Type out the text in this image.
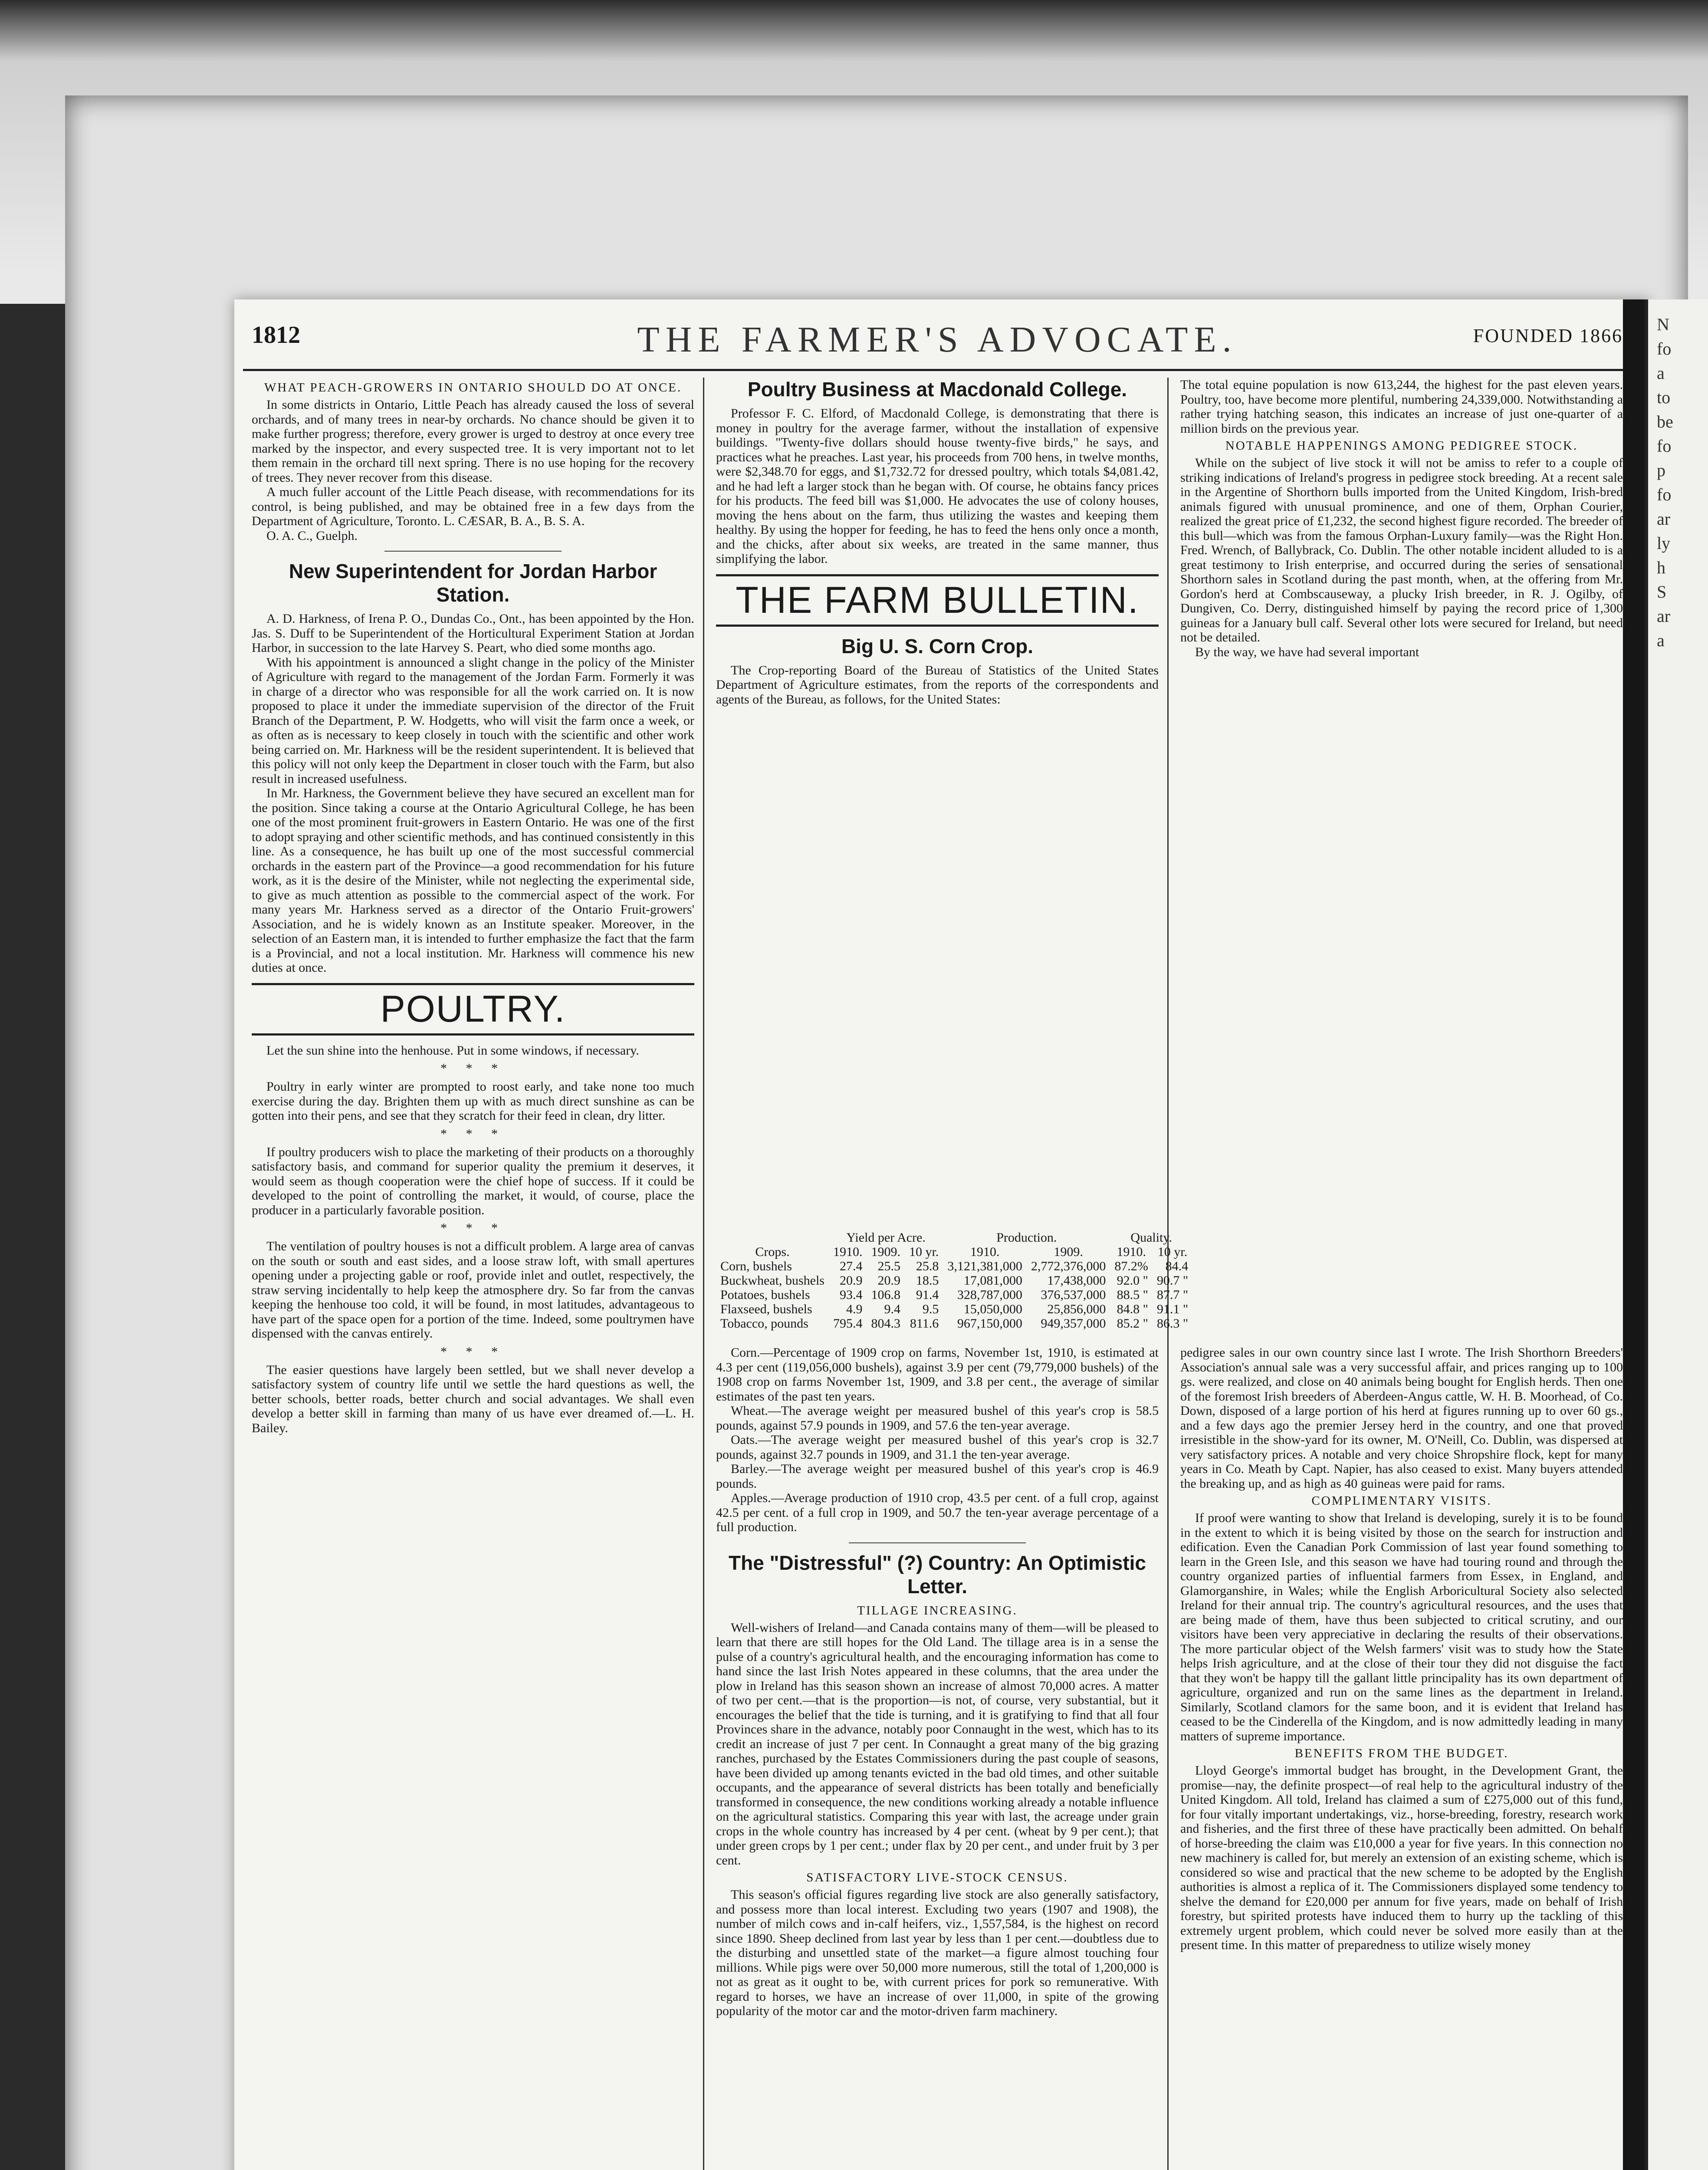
1812	THE FARMER'S ADVOCATE.	FOUNDED 1866
WHAT PEACH-GROWERS IN ONTARIO SHOULD DO AT ONCE.

In some districts in Ontario, Little Peach has already caused the loss of several orchards, and of many trees in near-by orchards. No chance should be given it to make further progress; therefore, every grower is urged to destroy at once every tree marked by the inspector, and every suspected tree. It is very important not to let them remain in the orchard till next spring. There is no use hoping for the recovery of trees. They never recover from this disease.

A much fuller account of the Little Peach disease, with recommendations for its control, is being published, and may be obtained free in a few days from the Department of Agriculture, Toronto. L. CÆSAR, B. A., B. S. A.

O. A. C., Guelph.

New Superintendent for Jordan Harbor Station.

A. D. Harkness, of Irena P. O., Dundas Co., Ont., has been appointed by the Hon. Jas. S. Duff to be Superintendent of the Horticultural Experiment Station at Jordan Harbor, in succession to the late Harvey S. Peart, who died some months ago.

With his appointment is announced a slight change in the policy of the Minister of Agriculture with regard to the management of the Jordan Farm. Formerly it was in charge of a director who was responsible for all the work carried on. It is now proposed to place it under the immediate supervision of the director of the Fruit Branch of the Department, P. W. Hodgetts, who will visit the farm once a week, or as often as is necessary to keep closely in touch with the scientific and other work being carried on. Mr. Harkness will be the resident superintendent. It is believed that this policy will not only keep the Department in closer touch with the Farm, but also result in increased usefulness.

In Mr. Harkness, the Government believe they have secured an excellent man for the position. Since taking a course at the Ontario Agricultural College, he has been one of the most prominent fruit-growers in Eastern Ontario. He was one of the first to adopt spraying and other scientific methods, and has continued consistently in this line. As a consequence, he has built up one of the most successful commercial orchards in the eastern part of the Province—a good recommendation for his future work, as it is the desire of the Minister, while not neglecting the experimental side, to give as much attention as possible to the commercial aspect of the work. For many years Mr. Harkness served as a director of the Ontario Fruit-growers' Association, and he is widely known as an Institute speaker. Moreover, in the selection of an Eastern man, it is intended to further emphasize the fact that the farm is a Provincial, and not a local institution. Mr. Harkness will commence his new duties at once.

POULTRY.

Let the sun shine into the henhouse. Put in some windows, if necessary.

* * *

Poultry in early winter are prompted to roost early, and take none too much exercise during the day. Brighten them up with as much direct sunshine as can be gotten into their pens, and see that they scratch for their feed in clean, dry litter.

* * *

If poultry producers wish to place the marketing of their products on a thoroughly satisfactory basis, and command for superior quality the premium it deserves, it would seem as though cooperation were the chief hope of success. If it could be developed to the point of controlling the market, it would, of course, place the producer in a particularly favorable position.

* * *

The ventilation of poultry houses is not a difficult problem. A large area of canvas on the south or south and east sides, and a loose straw loft, with small apertures opening under a projecting gable or roof, provide inlet and outlet, respectively, the straw serving incidentally to help keep the atmosphere dry. So far from the canvas keeping the henhouse too cold, it will be found, in most latitudes, advantageous to have part of the space open for a portion of the time. Indeed, some poultrymen have dispensed with the canvas entirely.

* * *

The easier questions have largely been settled, but we shall never develop a satisfactory system of country life until we settle the hard questions as well, the better schools, better roads, better church and social advantages. We shall even develop a better skill in farming than many of us have ever dreamed of.—L. H. Bailey.

Poultry Business at Macdonald College.

Professor F. C. Elford, of Macdonald College, is demonstrating that there is money in poultry for the average farmer, without the installation of expensive buildings. "Twenty-five dollars should house twenty-five birds," he says, and practices what he preaches. Last year, his proceeds from 700 hens, in twelve months, were $2,348.70 for eggs, and $1,732.72 for dressed poultry, which totals $4,081.42, and he had left a larger stock than he began with. Of course, he obtains fancy prices for his products. The feed bill was $1,000. He advocates the use of colony houses, moving the hens about on the farm, thus utilizing the wastes and keeping them healthy. By using the hopper for feeding, he has to feed the hens only once a month, and the chicks, after about six weeks, are treated in the same manner, thus simplifying the labor.

THE FARM BULLETIN.
Big U. S. Corn Crop.

The Crop-reporting Board of the Bureau of Statistics of the United States Department of Agriculture estimates, from the reports of the correspondents and agents of the Bureau, as follows, for the United States:

The total equine population is now 613,244, the highest for the past eleven years. Poultry, too, have become more plentiful, numbering 24,339,000. Notwithstanding a rather trying hatching season, this indicates an increase of just one-quarter of a million birds on the previous year.

NOTABLE HAPPENINGS AMONG PEDIGREE STOCK.

While on the subject of live stock it will not be amiss to refer to a couple of striking indications of Ireland's progress in pedigree stock breeding. At a recent sale in the Argentine of Shorthorn bulls imported from the United Kingdom, Irish-bred animals figured with unusual prominence, and one of them, Orphan Courier, realized the great price of £1,232, the second highest figure recorded. The breeder of this bull—which was from the famous Orphan-Luxury family—was the Right Hon. Fred. Wrench, of Ballybrack, Co. Dublin. The other notable incident alluded to is a great testimony to Irish enterprise, and occurred during the series of sensational Shorthorn sales in Scotland during the past month, when, at the offering from Mr. Gordon's herd at Combscauseway, a plucky Irish breeder, in R. J. Ogilby, of Dungiven, Co. Derry, distinguished himself by paying the record price of 1,300 guineas for a January bull calf. Several other lots were secured for Ireland, but need not be detailed.

By the way, we have had several important

	Yield per Acre.			Production.		Quality.	
Crops.	1910.	1909.	10 yr.	1910.	1909.	1910.	10 yr.
Corn, bushels	27.4	25.5	25.8	3,121,381,000	2,772,376,000	87.2%	84.4
Buckwheat, bushels	20.9	20.9	18.5	17,081,000	17,438,000	92.0 "	90.7 "
Potatoes, bushels	93.4	106.8	91.4	328,787,000	376,537,000	88.5 "	87.7 "
Flaxseed, bushels	4.9	9.4	9.5	15,050,000	25,856,000	84.8 "	91.1 "
Tobacco, pounds	795.4	804.3	811.6	967,150,000	949,357,000	85.2 "	86.3 "

Corn.—Percentage of 1909 crop on farms, November 1st, 1910, is estimated at 4.3 per cent (119,056,000 bushels), against 3.9 per cent (79,779,000 bushels) of the 1908 crop on farms November 1st, 1909, and 3.8 per cent., the average of similar estimates of the past ten years.

Wheat.—The average weight per measured bushel of this year's crop is 58.5 pounds, against 57.9 pounds in 1909, and 57.6 the ten-year average.

Oats.—The average weight per measured bushel of this year's crop is 32.7 pounds, against 32.7 pounds in 1909, and 31.1 the ten-year average.

Barley.—The average weight per measured bushel of this year's crop is 46.9 pounds.

Apples.—Average production of 1910 crop, 43.5 per cent. of a full crop, against 42.5 per cent. of a full crop in 1909, and 50.7 the ten-year average percentage of a full production.

The "Distressful" (?) Country: An Optimistic Letter.
TILLAGE INCREASING.

Well-wishers of Ireland—and Canada contains many of them—will be pleased to learn that there are still hopes for the Old Land. The tillage area is in a sense the pulse of a country's agricultural health, and the encouraging information has come to hand since the last Irish Notes appeared in these columns, that the area under the plow in Ireland has this season shown an increase of almost 70,000 acres. A matter of two per cent.—that is the proportion—is not, of course, very substantial, but it encourages the belief that the tide is turning, and it is gratifying to find that all four Provinces share in the advance, notably poor Connaught in the west, which has to its credit an increase of just 7 per cent. In Connaught a great many of the big grazing ranches, purchased by the Estates Commissioners during the past couple of seasons, have been divided up among tenants evicted in the bad old times, and other suitable occupants, and the appearance of several districts has been totally and beneficially transformed in consequence, the new conditions working already a notable influence on the agricultural statistics. Comparing this year with last, the acreage under grain crops in the whole country has increased by 4 per cent. (wheat by 9 per cent.); that under green crops by 1 per cent.; under flax by 20 per cent., and under fruit by 3 per cent.

SATISFACTORY LIVE-STOCK CENSUS.

This season's official figures regarding live stock are also generally satisfactory, and possess more than local interest. Excluding two years (1907 and 1908), the number of milch cows and in-calf heifers, viz., 1,557,584, is the highest on record since 1890. Sheep declined from last year by less than 1 per cent.—doubtless due to the disturbing and unsettled state of the market—a figure almost touching four millions. While pigs were over 50,000 more numerous, still the total of 1,200,000 is not as great as it ought to be, with current prices for pork so remunerative. With regard to horses, we have an increase of over 11,000, in spite of the growing popularity of the motor car and the motor-driven farm machinery.

pedigree sales in our own country since last I wrote. The Irish Shorthorn Breeders' Association's annual sale was a very successful affair, and prices ranging up to 100 gs. were realized, and close on 40 animals being bought for English herds. Then one of the foremost Irish breeders of Aberdeen-Angus cattle, W. H. B. Moorhead, of Co. Down, disposed of a large portion of his herd at figures running up to over 60 gs., and a few days ago the premier Jersey herd in the country, and one that proved irresistible in the show-yard for its owner, M. O'Neill, Co. Dublin, was dispersed at very satisfactory prices. A notable and very choice Shropshire flock, kept for many years in Co. Meath by Capt. Napier, has also ceased to exist. Many buyers attended the breaking up, and as high as 40 guineas were paid for rams.

COMPLIMENTARY VISITS.

If proof were wanting to show that Ireland is developing, surely it is to be found in the extent to which it is being visited by those on the search for instruction and edification. Even the Canadian Pork Commission of last year found something to learn in the Green Isle, and this season we have had touring round and through the country organized parties of influential farmers from Essex, in England, and Glamorganshire, in Wales; while the English Arboricultural Society also selected Ireland for their annual trip. The country's agricultural resources, and the uses that are being made of them, have thus been subjected to critical scrutiny, and our visitors have been very appreciative in declaring the results of their observations. The more particular object of the Welsh farmers' visit was to study how the State helps Irish agriculture, and at the close of their tour they did not disguise the fact that they won't be happy till the gallant little principality has its own department of agriculture, organized and run on the same lines as the department in Ireland. Similarly, Scotland clamors for the same boon, and it is evident that Ireland has ceased to be the Cinderella of the Kingdom, and is now admittedly leading in many matters of supreme importance.

BENEFITS FROM THE BUDGET.

Lloyd George's immortal budget has brought, in the Development Grant, the promise—nay, the definite prospect—of real help to the agricultural industry of the United Kingdom. All told, Ireland has claimed a sum of £275,000 out of this fund, for four vitally important undertakings, viz., horse-breeding, forestry, research work and fisheries, and the first three of these have practically been admitted. On behalf of horse-breeding the claim was £10,000 a year for five years. In this connection no new machinery is called for, but merely an extension of an existing scheme, which is considered so wise and practical that the new scheme to be adopted by the English authorities is almost a replica of it. The Commissioners displayed some tendency to shelve the demand for £20,000 per annum for five years, made on behalf of Irish forestry, but spirited protests have induced them to hurry up the tackling of this extremely urgent problem, which could never be solved more easily than at the present time. In this matter of preparedness to utilize wisely money

N
fo
a
to
be
fo
p
fo
ar
ly
h
S
ar
a
